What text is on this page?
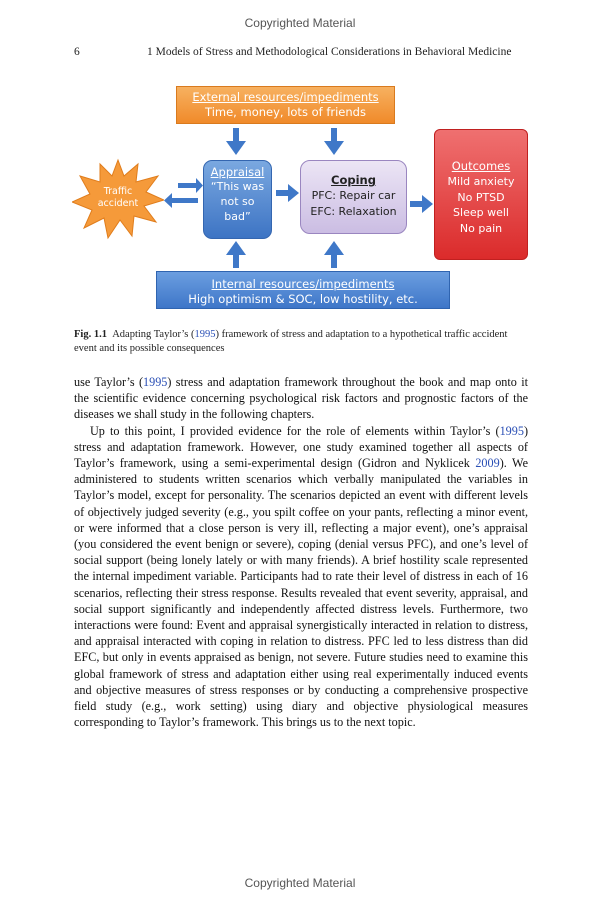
Copyrighted Material
6	1 Models of Stress and Methodological Considerations in Behavioral Medicine
External resources/impediments
Time, money, lots of friends
Traffic
accident
Appraisal
“This was
not so
bad”
Coping
PFC: Repair car
EFC: Relaxation
Outcomes
Mild anxiety
No PTSD
Sleep well
No pain
Internal resources/impediments
High optimism & SOC, low hostility, etc.
Fig. 1.1 Adapting Taylor’s (1995) framework of stress and adaptation to a hypothetical traffic accident event and its possible consequences

use Taylor’s (1995) stress and adaptation framework throughout the book and map onto it the scientific evidence concerning psychological risk factors and prognostic factors of the diseases we shall study in the following chapters.

Up to this point, I provided evidence for the role of elements within Taylor’s (1995) stress and adaptation framework. However, one study examined together all aspects of Taylor’s framework, using a semi-experimental design (Gidron and Nyklicek 2009). We administered to students written scenarios which verbally manipulated the variables in Taylor’s model, except for personality. The scenarios depicted an event with different levels of objectively judged severity (e.g., you spilt coffee on your pants, reflecting a minor event, or were informed that a close person is very ill, reflecting a major event), one’s appraisal (you considered the event benign or severe), coping (denial versus PFC), and one’s level of social support (being lonely lately or with many friends). A brief hostility scale represented the internal impediment variable. Participants had to rate their level of distress in each of 16 scenarios, reflecting their stress response. Results revealed that event severity, appraisal, and social support significantly and independently affected distress levels. Furthermore, two interactions were found: Event and appraisal synergistically interacted in relation to distress, and appraisal interacted with coping in relation to distress. PFC led to less distress than did EFC, but only in events appraised as benign, not severe. Future studies need to examine this global framework of stress and adaptation either using real experimentally induced events and objective measures of stress responses or by conducting a comprehensive prospective field study (e.g., work setting) using diary and objective physiological measures corresponding to Taylor’s framework. This brings us to the next topic.

Copyrighted Material
